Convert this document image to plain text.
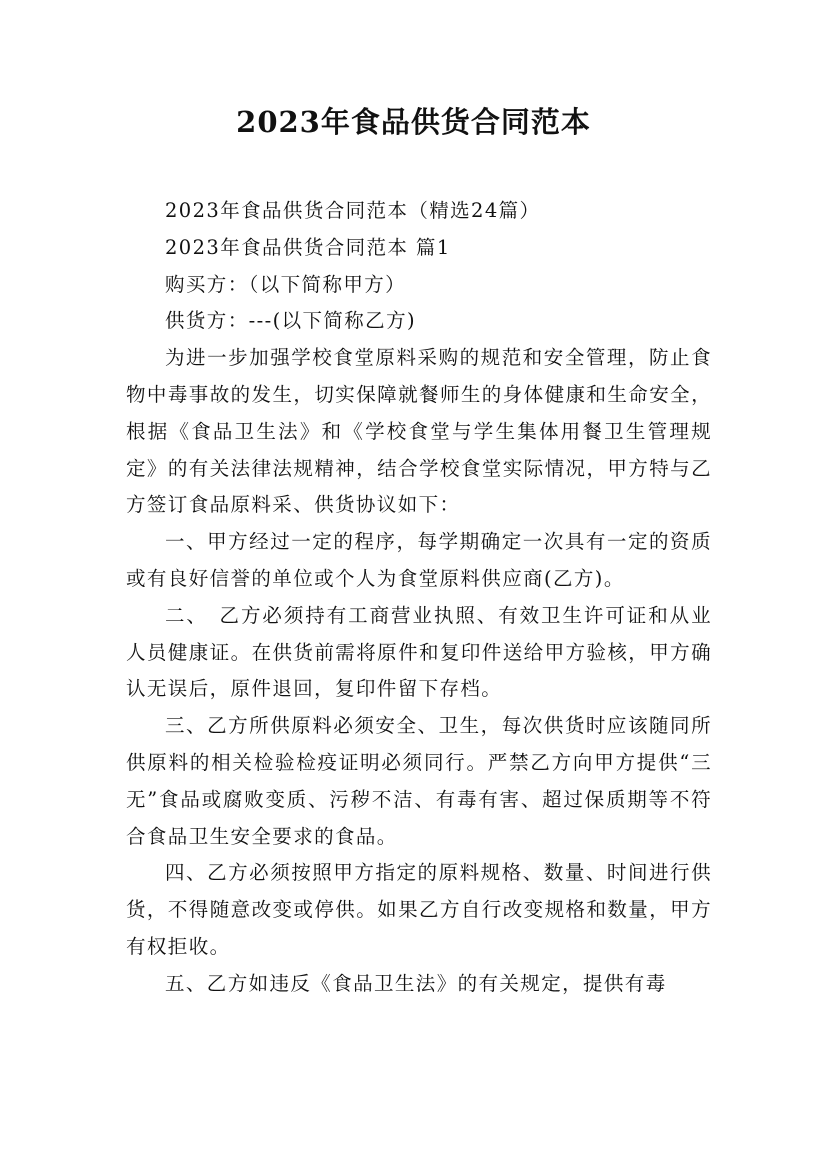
2023年食品供货合同范本

2023年食品供货合同范本（精选24篇）

2023年食品供货合同范本 篇1

购买方：（以下简称甲方）

供货方：---(以下简称乙方)

为进一步加强学校食堂原料采购的规范和安全管理，防止食物中毒事故的发生，切实保障就餐师生的身体健康和生命安全，根据《食品卫生法》和《学校食堂与学生集体用餐卫生管理规定》的有关法律法规精神，结合学校食堂实际情况，甲方特与乙方签订食品原料采、供货协议如下：

一、甲方经过一定的程序，每学期确定一次具有一定的资质或有良好信誉的单位或个人为食堂原料供应商(乙方)。

二、　乙方必须持有工商营业执照、有效卫生许可证和从业人员健康证。在供货前需将原件和复印件送给甲方验核，甲方确认无误后，原件退回，复印件留下存档。

三、乙方所供原料必须安全、卫生，每次供货时应该随同所供原料的相关检验检疫证明必须同行。严禁乙方向甲方提供“三无”食品或腐败变质、污秽不洁、有毒有害、超过保质期等不符合食品卫生安全要求的食品。

四、乙方必须按照甲方指定的原料规格、数量、时间进行供货，不得随意改变或停供。如果乙方自行改变规格和数量，甲方有权拒收。

五、乙方如违反《食品卫生法》的有关规定，提供有毒
